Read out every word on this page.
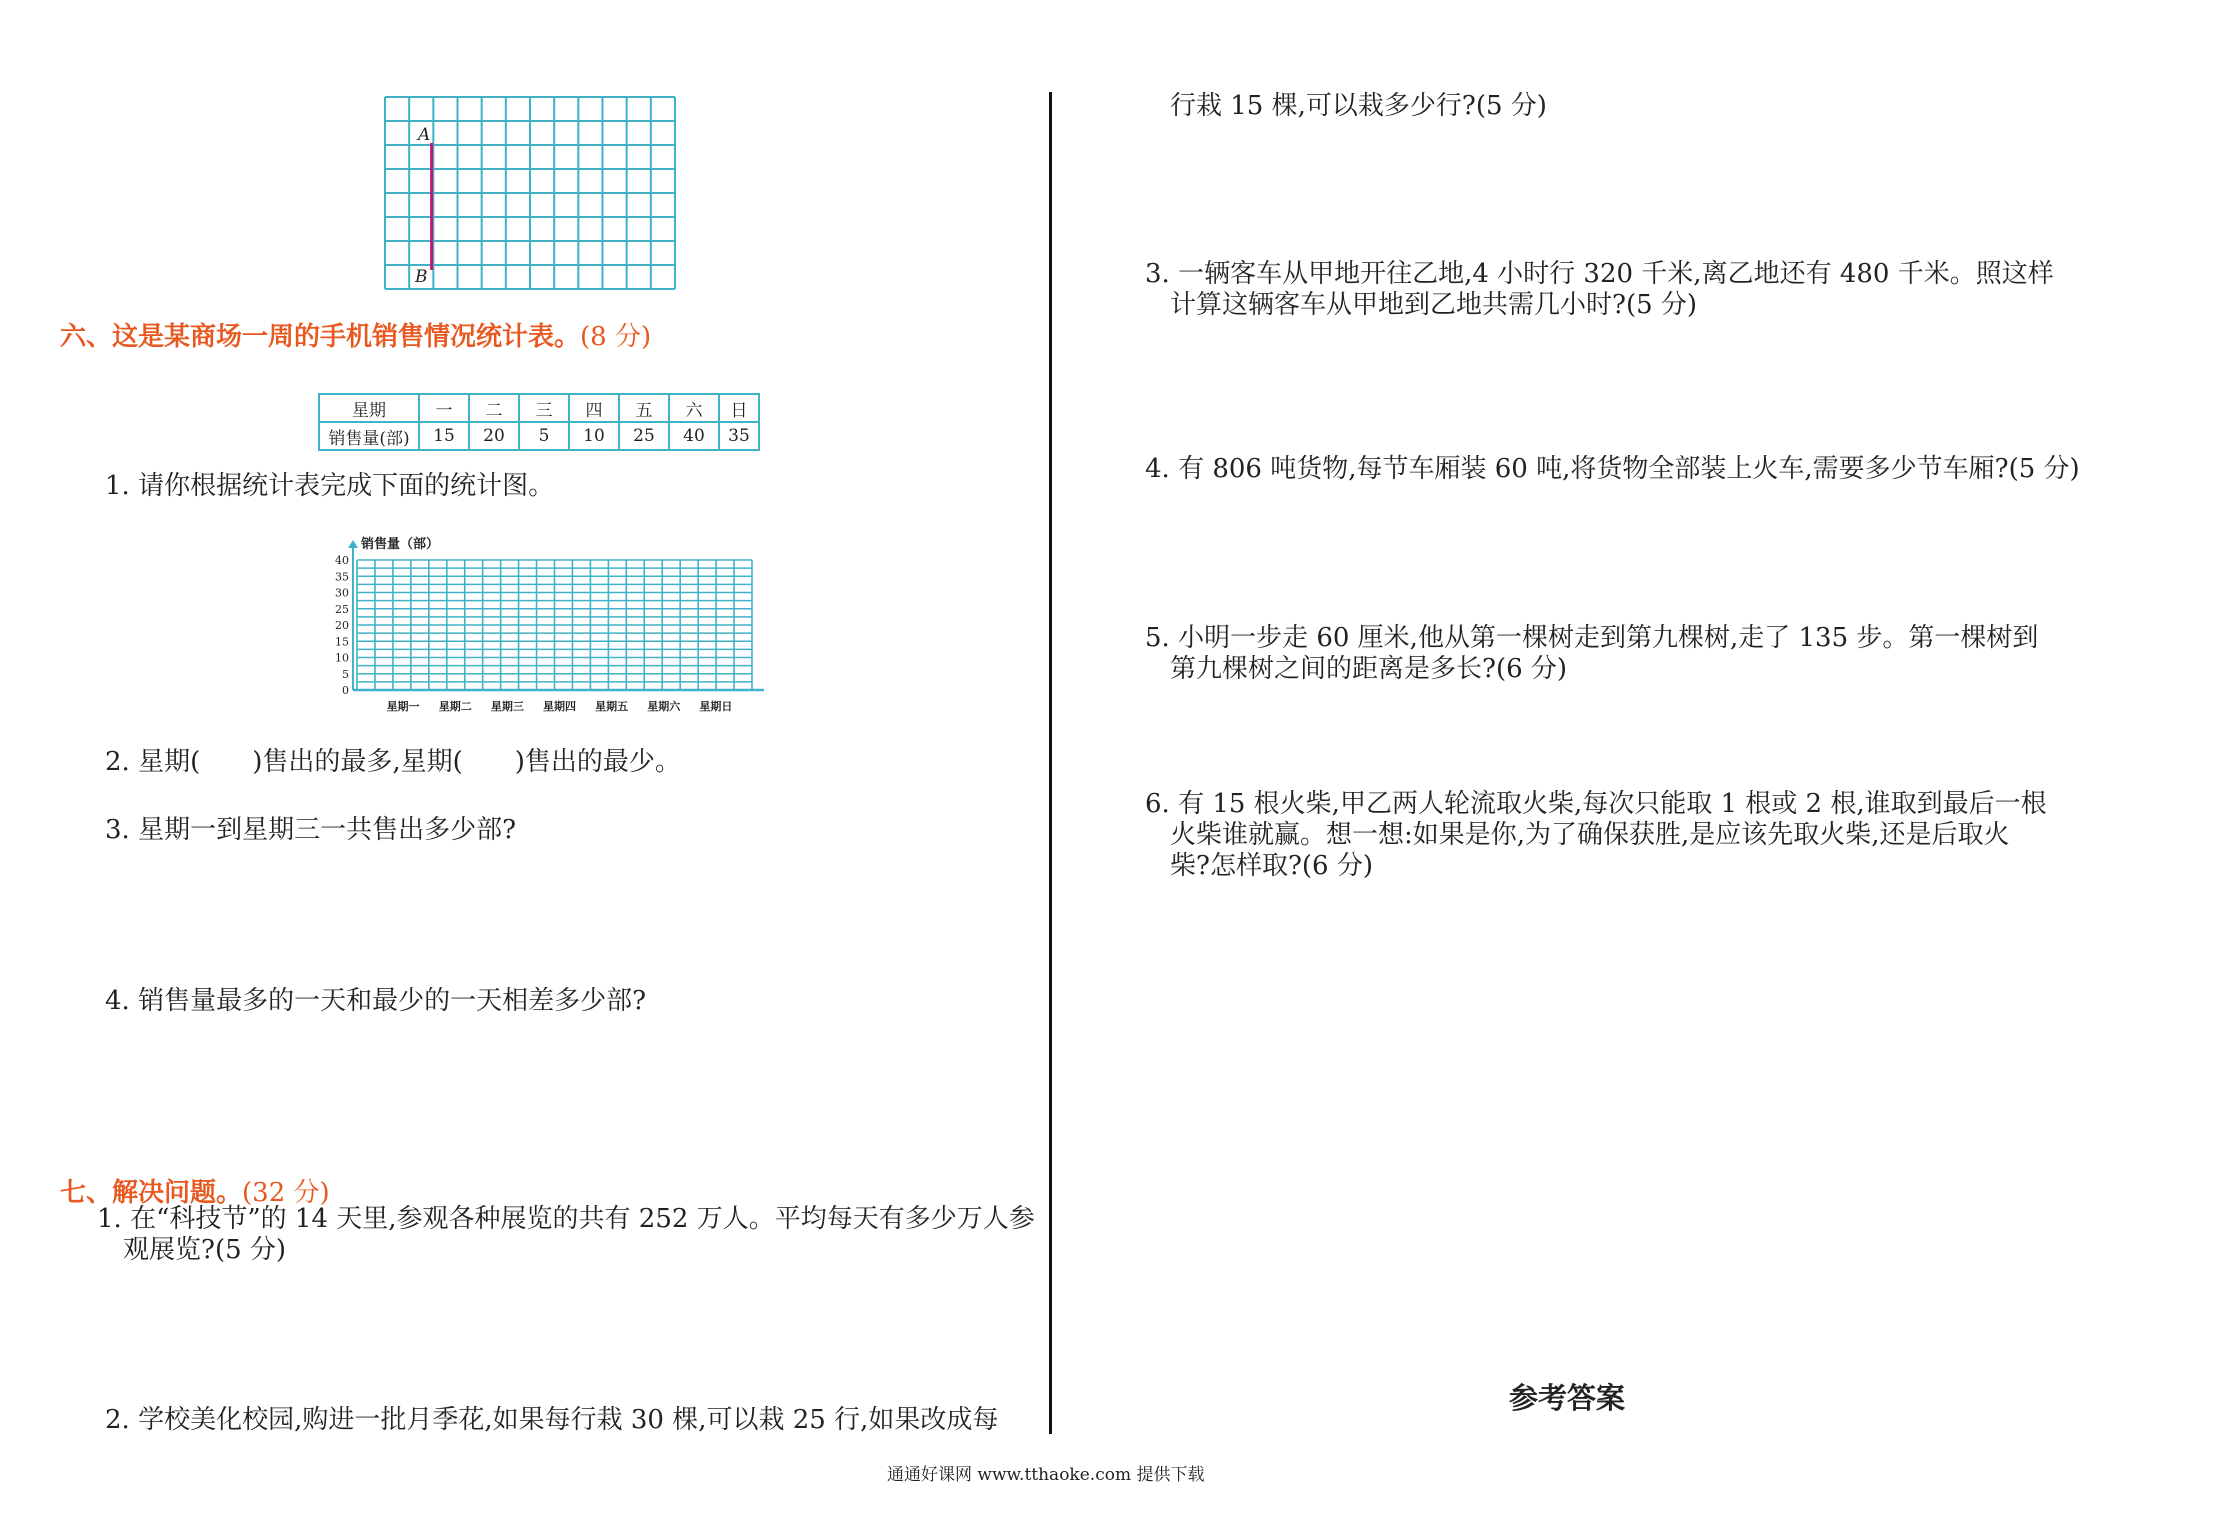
A
B
六、这是某商场一周的手机销售情况统计表。(8 分)
星期	一	二	三	四	五	六	日
销售量(部)	15	20	5	10	25	40	35
1. 请你根据统计表完成下面的统计图。
销售量（部）
0
5
10
15
20
25
30
35
40
星期一 星期二 星期三 星期四 星期五 星期六 星期日
2. 星期(　　)售出的最多,星期(　　)售出的最少。
3. 星期一到星期三一共售出多少部?
4. 销售量最多的一天和最少的一天相差多少部?
七、解决问题。(32 分)
1. 在“科技节”的 14 天里,参观各种展览的共有 252 万人。平均每天有多少万人参
观展览?(5 分)
2. 学校美化校园,购进一批月季花,如果每行栽 30 棵,可以栽 25 行,如果改成每
行栽 15 棵,可以栽多少行?(5 分)
3. 一辆客车从甲地开往乙地,4 小时行 320 千米,离乙地还有 480 千米。照这样
计算这辆客车从甲地到乙地共需几小时?(5 分)
4. 有 806 吨货物,每节车厢装 60 吨,将货物全部装上火车,需要多少节车厢?(5 分)
5. 小明一步走 60 厘米,他从第一棵树走到第九棵树,走了 135 步。第一棵树到
第九棵树之间的距离是多长?(6 分)
6. 有 15 根火柴,甲乙两人轮流取火柴,每次只能取 1 根或 2 根,谁取到最后一根
火柴谁就赢。想一想:如果是你,为了确保获胜,是应该先取火柴,还是后取火
柴?怎样取?(6 分)
参考答案
通通好课网 www.tthaoke.com 提供下载
